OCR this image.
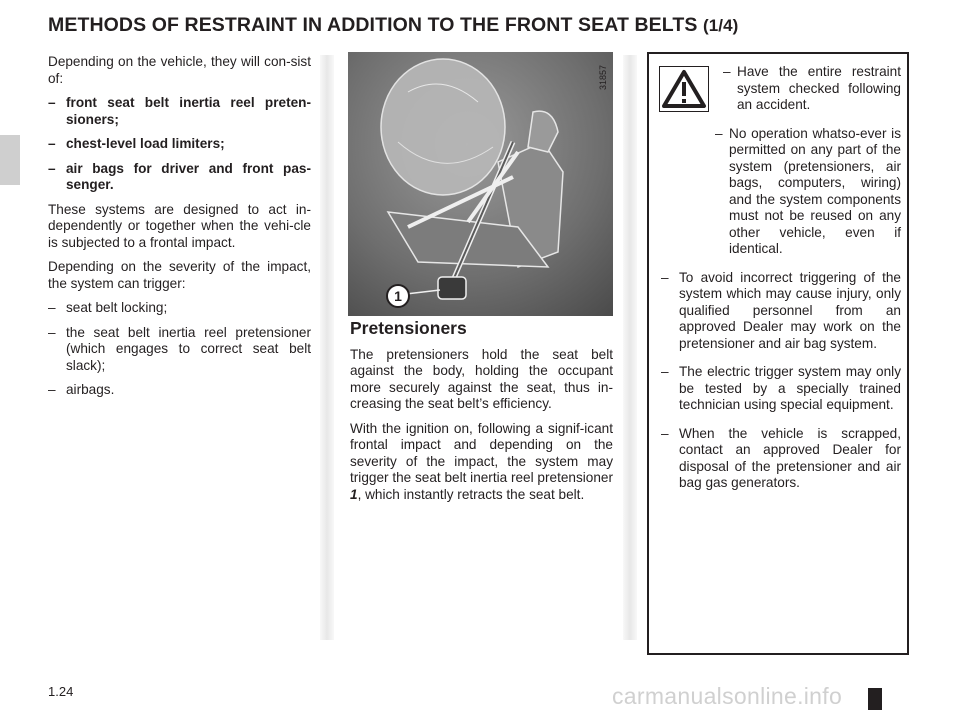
METHODS OF RESTRAINT IN ADDITION TO THE FRONT SEAT BELTS (1/4)

Depending on the vehicle, they will con-sist of:

– front seat belt inertia reel preten-sioners;
– chest-level load limiters;
– air bags for driver and front pas-senger.

These systems are designed to act in-dependently or together when the vehi-cle is subjected to a frontal impact.

Depending on the severity of the impact, the system can trigger:

– seat belt locking;
– the seat belt inertia reel pretensioner (which engages to correct seat belt slack);
– airbags.
1
31857
Pretensioners

The pretensioners hold the seat belt against the body, holding the occupant more securely against the seat, thus in-creasing the seat belt’s efficiency.

With the ignition on, following a signif-icant frontal impact and depending on the severity of the impact, the system may trigger the seat belt inertia reel pretensioner 1, which instantly retracts the seat belt.

– Have the entire restraint system checked following an accident.
– No operation whatso-ever is permitted on any part of the system (pretensioners, air bags, computers, wiring) and the system components must not be reused on any other vehicle, even if identical.
– To avoid incorrect triggering of the system which may cause injury, only qualified personnel from an approved Dealer may work on the pretensioner and air bag system.
– The electric trigger system may only be tested by a specially trained technician using special equipment.
– When the vehicle is scrapped, contact an approved Dealer for disposal of the pretensioner and air bag gas generators.
1.24	carmanualsonline.info
